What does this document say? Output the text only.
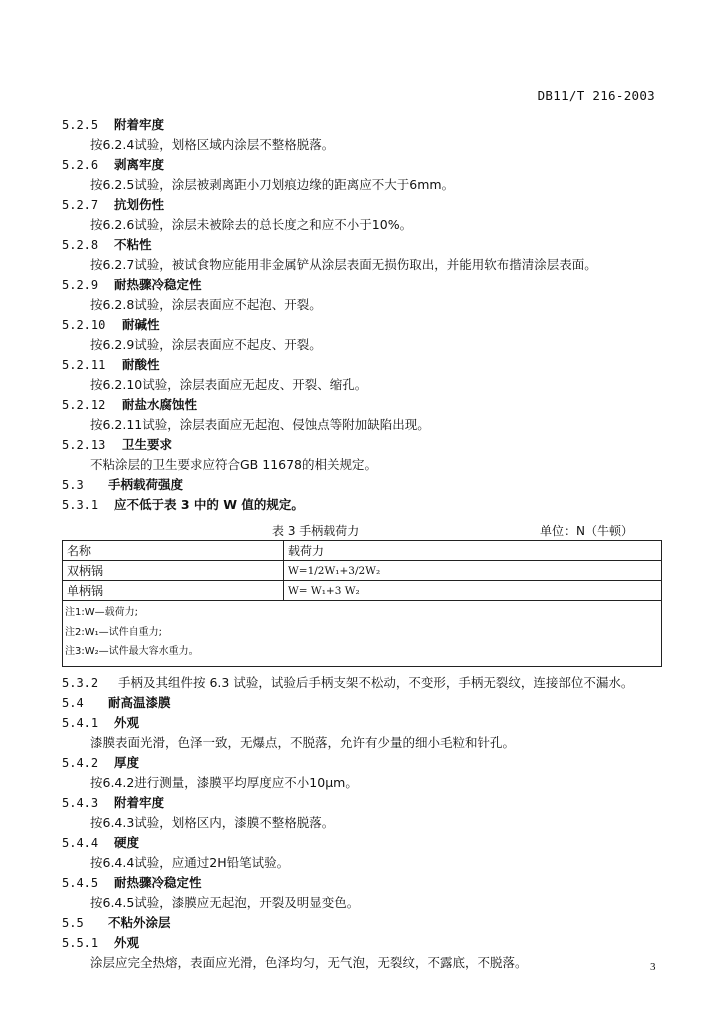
DB11/T 216-2003
5.2.5 附着牢度
按6.2.4试验，划格区域内涂层不整格脱落。
5.2.6 剥离牢度
按6.2.5试验，涂层被剥离距小刀划痕边缘的距离应不大于6mm。
5.2.7 抗划伤性
按6.2.6试验，涂层未被除去的总长度之和应不小于10%。
5.2.8 不粘性
按6.2.7试验，被试食物应能用非金属铲从涂层表面无损伤取出，并能用软布揩清涂层表面。
5.2.9 耐热骤冷稳定性
按6.2.8试验，涂层表面应不起泡、开裂。
5.2.10 耐碱性
按6.2.9试验，涂层表面应不起皮、开裂。
5.2.11 耐酸性
按6.2.10试验，涂层表面应无起皮、开裂、缩孔。
5.2.12 耐盐水腐蚀性
按6.2.11试验，涂层表面应无起泡、侵蚀点等附加缺陷出现。
5.2.13 卫生要求
不粘涂层的卫生要求应符合GB 11678的相关规定。
5.3 手柄载荷强度
5.3.1 应不低于表 3 中的 W 值的规定。
表 3 手柄载荷力	单位：N（牛顿）
名称	载荷力
双柄锅	W=1/2W₁+3/2W₂
单柄锅	W= W₁+3 W₂

注1:W—载荷力;
注2:W₁—试件自重力;
注3:W₂—试件最大容水重力。	
5.3.2 手柄及其组件按 6.3 试验，试验后手柄支架不松动，不变形，手柄无裂纹，连接部位不漏水。
5.4 耐高温漆膜
5.4.1 外观
漆膜表面光滑，色泽一致，无爆点，不脱落，允许有少量的细小毛粒和针孔。
5.4.2 厚度
按6.4.2进行测量，漆膜平均厚度应不小10μm。
5.4.3 附着牢度
按6.4.3试验，划格区内，漆膜不整格脱落。
5.4.4 硬度
按6.4.4试验，应通过2H铅笔试验。
5.4.5 耐热骤冷稳定性
按6.4.5试验，漆膜应无起泡，开裂及明显变色。
5.5 不粘外涂层
5.5.1 外观
涂层应完全热熔，表面应光滑，色泽均匀，无气泡，无裂纹，不露底，不脱落。	3
